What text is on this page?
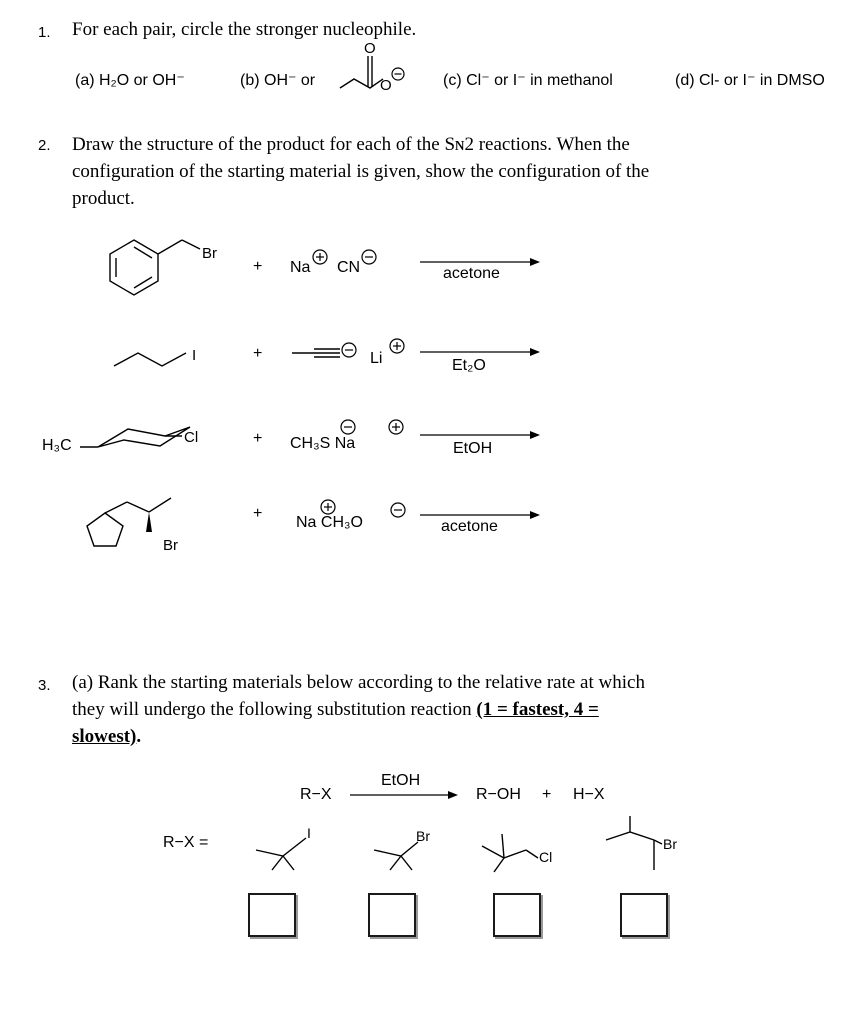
1. For each pair, circle the stronger nucleophile.
(a) H₂O or OH⁻	(b) OH⁻ or
O
O	(c) Cl⁻ or I⁻ in methanol	(d) Cl- or I⁻ in DMSO
2. Draw the structure of the product for each of the Sɴ2 reactions. When the
configuration of the starting material is given, show the configuration of the
product.
Br
+ Na CN	acetone
I	+	Li	Et₂O
H₃C	Cl	+ CH₃S Na	EtOH
Br
+
Na CH₃O	acetone
3. (a) Rank the starting materials below according to the relative rate at which
they will undergo the following substitution reaction (1 = fastest, 4 =
slowest).
R−X
EtOH
R−OH + H−X
R−X =
I	Br
Cl
Br
